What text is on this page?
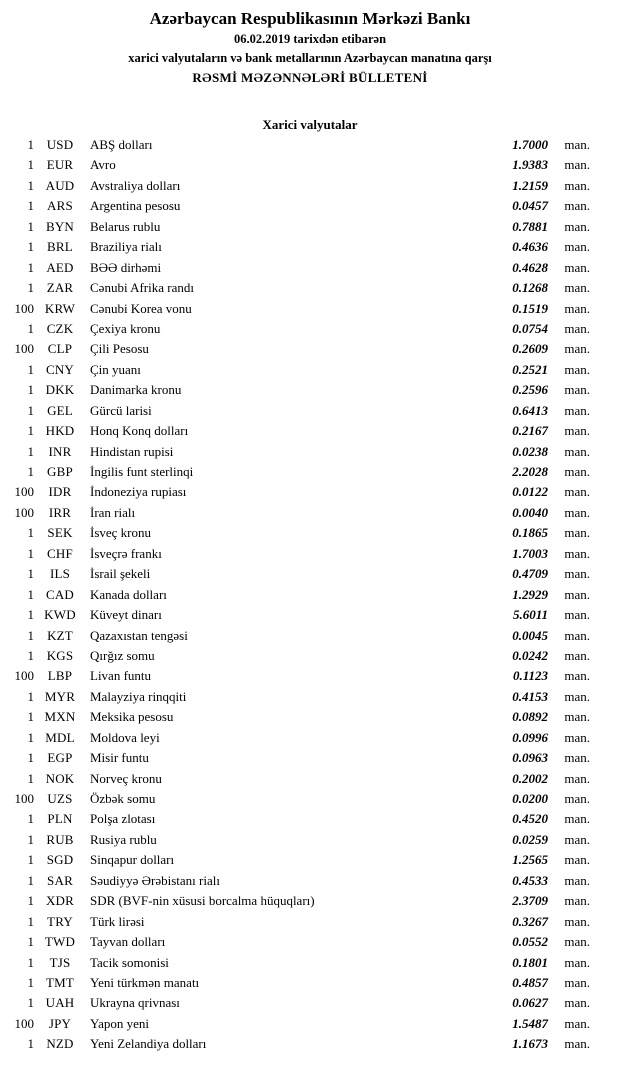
Azərbaycan Respublikasının Mərkəzi Bankı
06.02.2019 tarixdən etibarən
xarici valyutaların və bank metallarının Azərbaycan manatına qarşı
RƏSMİ MƏZƏNNƏLƏRİ BÜLLETENİ
Xarici valyutalar
1 USD	ABŞ dolları	1.7000	man.
1 EUR	Avro	1.9383	man.
1 AUD	Avstraliya dolları	1.2159	man.
1	ARS	Argentina pesosu	0.0457	man.
1 BYN	Belarus rublu	0.7881	man.
1	BRL	Braziliya rialı	0.4636	man.
1 AED	BƏƏ dirhəmi	0.4628	man.
1 ZAR	Cənubi Afrika randı	0.1268	man.
100 KRW	Cənubi Korea vonu	0.1519	man.
1 CZK	Çexiya kronu	0.0754	man.
100	CLP	Çili Pesosu	0.2609	man.
1 CNY	Çin yuanı	0.2521	man.
1 DKK	Danimarka kronu	0.2596	man.
1	GEL	Gürcü larisi	0.6413	man.
1 HKD	Honq Konq dolları	0.2167	man.
1	INR	Hindistan rupisi	0.0238	man.
1	GBP	İngilis funt sterlinqi	2.2028	man.
100	IDR	İndoneziya rupiası	0.0122	man.
100	IRR	İran rialı	0.0040	man.
1	SEK	İsveç kronu	0.1865	man.
1	CHF	İsveçrə frankı	1.7003	man.
1	ILS	İsrail şekeli	0.4709	man.
1 CAD	Kanada dolları	1.2929	man.
1 KWD	Küveyt dinarı	5.6011	man.
1	KZT	Qazaxıstan tengəsi	0.0045	man.
1 KGS	Qırğız somu	0.0242	man.
100	LBP	Livan funtu	0.1123	man.
1 MYR	Malayziya rinqqiti	0.4153	man.
1 MXN	Meksika pesosu	0.0892	man.
1 MDL	Moldova leyi	0.0996	man.
1	EGP	Misir funtu	0.0963	man.
1 NOK	Norveç kronu	0.2002	man.
100	UZS	Özbək somu	0.0200	man.
1	PLN	Polşa zlotası	0.4520	man.
1 RUB	Rusiya rublu	0.0259	man.
1 SGD	Sinqapur dolları	1.2565	man.
1	SAR	Səudiyyə Ərəbistanı rialı	0.4533	man.
1 XDR	SDR (BVF-nin xüsusi borcalma hüquqları)	2.3709	man.
1	TRY	Türk lirəsi	0.3267	man.
1 TWD	Tayvan dolları	0.0552	man.
1	TJS	Tacik somonisi	0.1801	man.
1 TMT	Yeni türkmən manatı	0.4857	man.
1 UAH	Ukrayna qrivnası	0.0627	man.
100	JPY	Yapon yeni	1.5487	man.
1 NZD	Yeni Zelandiya dolları	1.1673	man.
